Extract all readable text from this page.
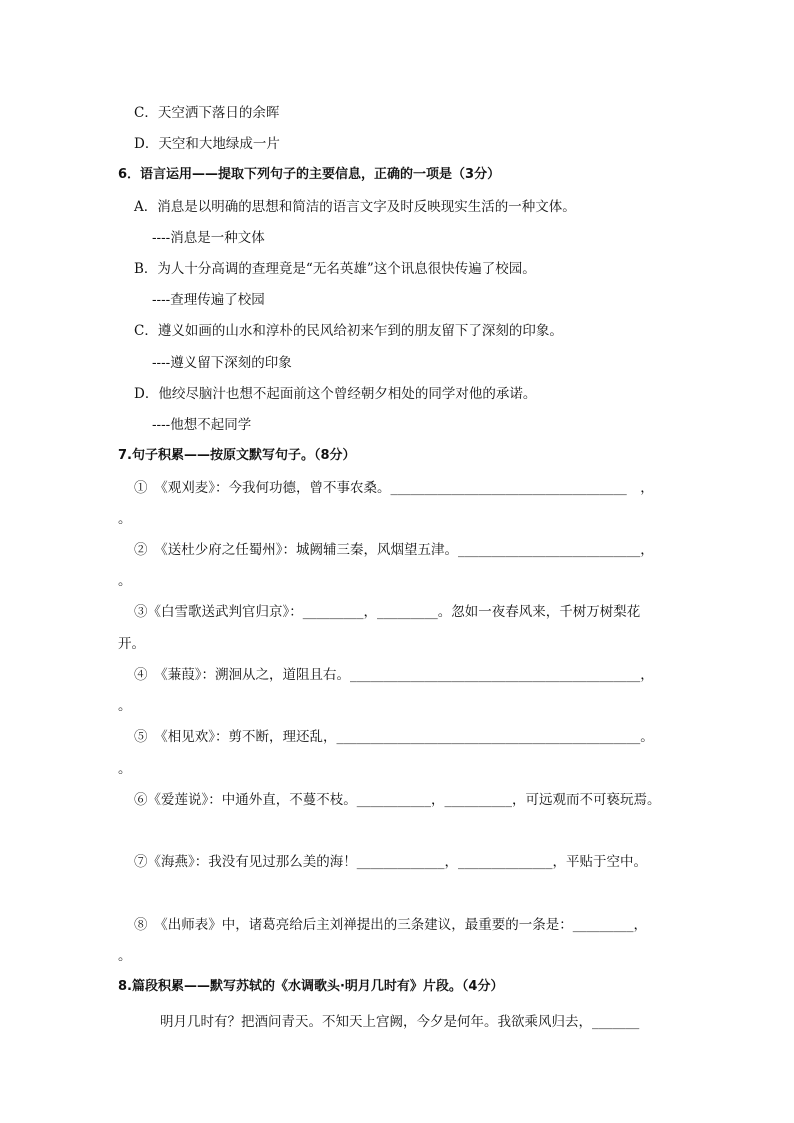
C．天空洒下落日的余晖
D．天空和大地绿成一片
6．语言运用——提取下列句子的主要信息，正确的一项是（3分）
A．消息是以明确的思想和简洁的语言文字及时反映现实生活的一种文体。
----消息是一种文体
B．为人十分高调的查理竟是“无名英雄”这个讯息很快传遍了校园。
----查理传遍了校园
C．遵义如画的山水和淳朴的民风给初来乍到的朋友留下了深刻的印象。
----遵义留下深刻的印象
D．他绞尽脑汁也想不起面前这个曾经朝夕相处的同学对他的承诺。
----他想不起同学
7.句子积累——按原文默写句子。（8分）
①　《观刈麦》：今我何功德，曾不事农桑。___________________________________　，
。
②　《送杜少府之任蜀州》：城阙辅三秦，风烟望五津。___________________________，
。
③《白雪歌送武判官归京》：_________，_________。忽如一夜春风来，千树万树梨花
开。
④　《蒹葭》：溯洄从之，道阻且右。___________________________________________，
。
⑤　《相见欢》：剪不断，理还乱，_____________________________________________。
。
⑥《爱莲说》：中通外直，不蔓不枝。___________，__________，可远观而不可亵玩焉。
⑦《海燕》：我没有见过那么美的海！_____________，______________，平贴于空中。
⑧　《出师表》中，诸葛亮给后主刘禅提出的三条建议，最重要的一条是：_________，
。
8.篇段积累——默写苏轼的《水调歌头·明月几时有》片段。（4分）
明月几时有？把酒问青天。不知天上宫阙，今夕是何年。我欲乘风归去，_______
